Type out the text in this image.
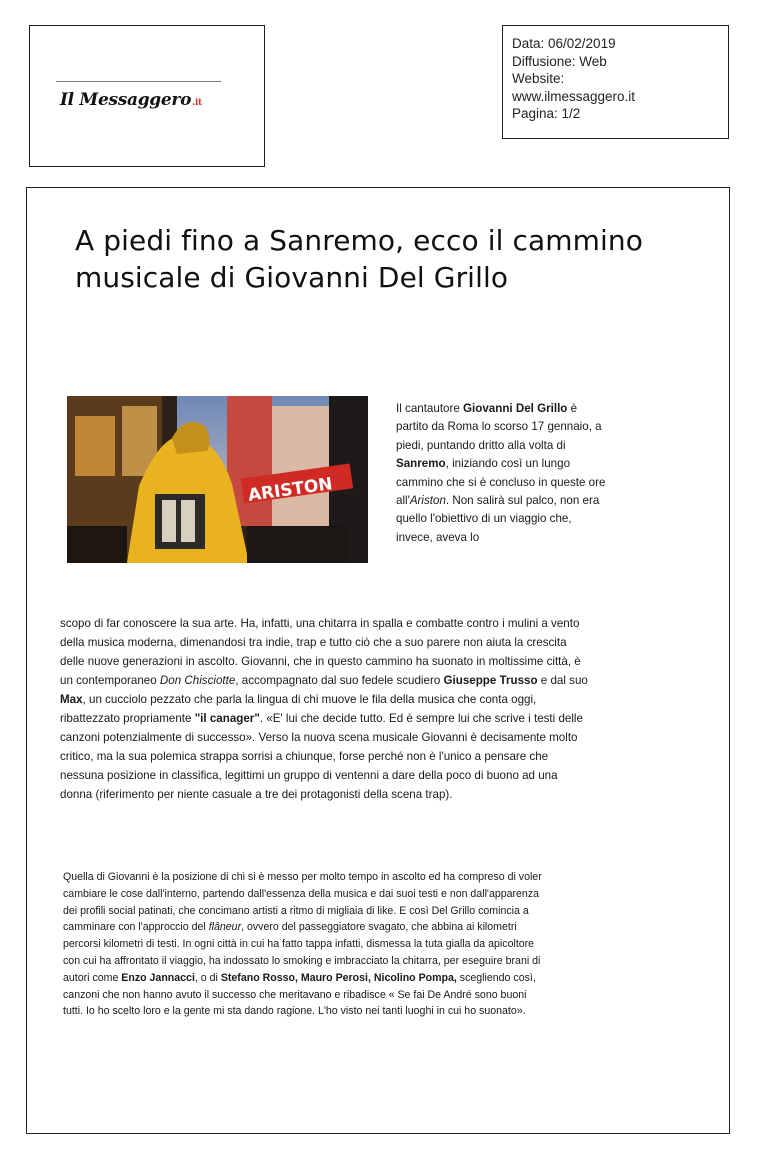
Il Messaggero.it
Data: 06/02/2019
Diffusione: Web
Website:
www.ilmessaggero.it
Pagina: 1/2
A piedi fino a Sanremo, ecco il cammino musicale di Giovanni Del Grillo
ARISTON

Il cantautore Giovanni Del Grillo è partito da Roma lo scorso 17 gennaio, a piedi, puntando dritto alla volta di Sanremo, iniziando così un lungo cammino che si è concluso in queste ore all'Ariston. Non salirà sul palco, non era quello l'obiettivo di un viaggio che, invece, aveva lo

scopo di far conoscere la sua arte. Ha, infatti, una chitarra in spalla e combatte contro i mulini a vento della musica moderna, dimenandosi tra indie, trap e tutto ciò che a suo parere non aiuta la crescita delle nuove generazioni in ascolto. Giovanni, che in questo cammino ha suonato in moltissime città, è un contemporaneo Don Chisciotte, accompagnato dal suo fedele scudiero Giuseppe Trusso e dal suo Max, un cucciolo pezzato che parla la lingua di chi muove le fila della musica che conta oggi, ribattezzato propriamente "il canager". «E' lui che decide tutto. Ed è sempre lui che scrive i testi delle canzoni potenzialmente di successo». Verso la nuova scena musicale Giovanni è decisamente molto critico, ma la sua polemica strappa sorrisi a chiunque, forse perché non è l'unico a pensare che nessuna posizione in classifica, legittimi un gruppo di ventenni a dare della poco di buono ad una donna (riferimento per niente casuale a tre dei protagonisti della scena trap).

Quella di Giovanni è la posizione di chi si è messo per molto tempo in ascolto ed ha compreso di voler cambiare le cose dall'interno, partendo dall'essenza della musica e dai suoi testi e non dall'apparenza dei profili social patinati, che concimano artisti a ritmo di migliaia di like. E così Del Grillo comincia a camminare con l'approccio del flâneur, ovvero del passeggiatore svagato, che abbina ai kilometri percorsi kilometri di testi. In ogni città in cui ha fatto tappa infatti, dismessa la tuta gialla da apicoltore con cui ha affrontato il viaggio, ha indossato lo smoking e imbracciato la chitarra, per eseguire brani di autori come Enzo Jannacci, o di Stefano Rosso, Mauro Perosi, Nicolino Pompa, scegliendo così, canzoni che non hanno avuto il successo che meritavano e ribadisce « Se fai De André sono buoni tutti. Io ho scelto loro e la gente mi sta dando ragione. L'ho visto nei tanti luoghi in cui ho suonato».
